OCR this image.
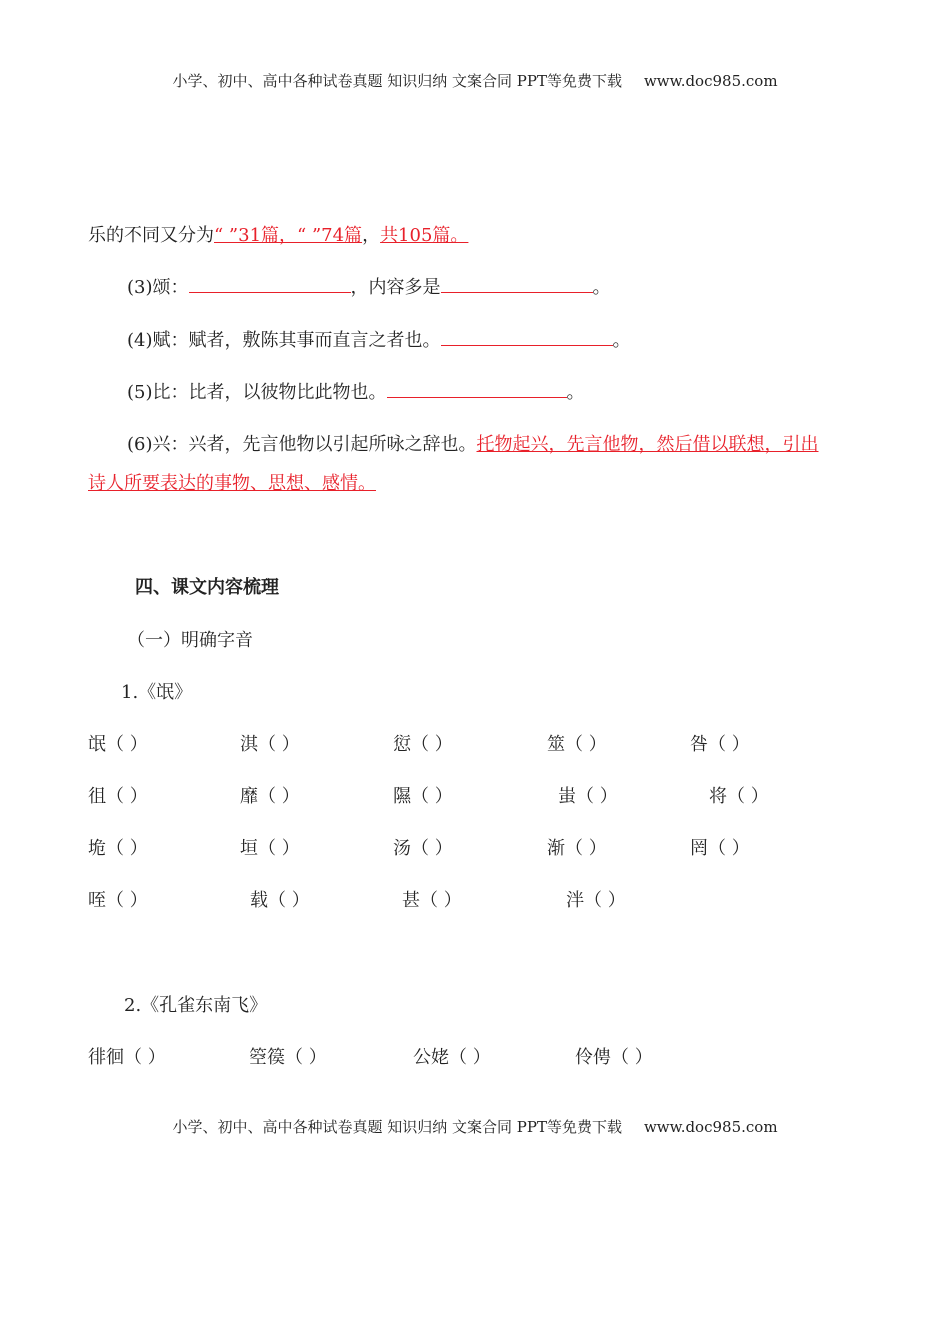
小学、初中、高中各种试卷真题 知识归纳 文案合同 PPT等免费下载 www.doc985.com
乐的不同又分为“ ”31篇，“ ”74篇，共105篇。
(3)颂：	，内容多是	。
(4)赋：赋者，敷陈其事而直言之者也。	。
(5)比：比者，以彼物比此物也。	。
(6)兴：兴者，先言他物以引起所咏之辞也。托物起兴，先言他物，然后借以联想，引出
诗人所要表达的事物、思想、感情。
四、课文内容梳理
（一）明确字音
1.《氓》
氓（ ）	淇（ ）	愆（ ）	筮（ ）	咎（ ）
徂（ ）	靡（ ）	隰（ ）	蚩（ ）	将（ ）
垝（ ）	垣（ ）	汤（ ）	渐（ ）	罔（ ）
咥（ ）	载（ ）	甚（ ）	泮（ ）
2.《孔雀东南飞》
徘徊（ ）	箜篌（ ）	公姥（ ）	伶俜（ ）
小学、初中、高中各种试卷真题 知识归纳 文案合同 PPT等免费下载 www.doc985.com
